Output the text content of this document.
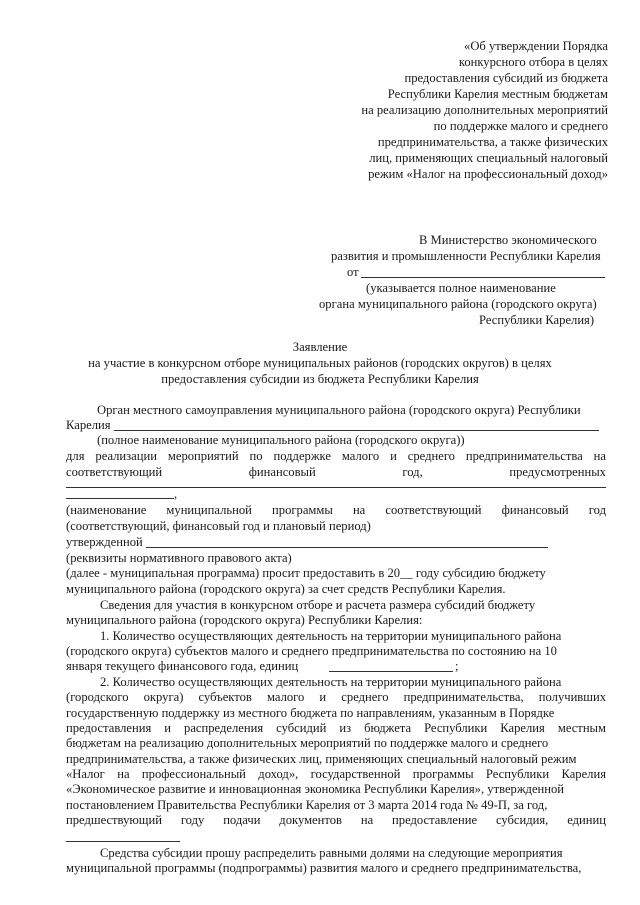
«Об утверждении Порядка
конкурсного отбора в целях
предоставления субсидий из бюджета
Республики Карелия местным бюджетам
на реализацию дополнительных мероприятий
по поддержке малого и среднего
предпринимательства, а также физических
лиц, применяющих специальный налоговый
режим «Налог на профессиональный доход»
В Министерство экономического
развития и промышленности Республики Карелия
от
(указывается полное наименование
органа муниципального района (городского округа)
Республики Карелия)
Заявление
на участие в конкурсном отборе муниципальных районов (городских округов) в целях
предоставления субсидии из бюджета Республики Карелия
Орган местного самоуправления муниципального района (городского округа) Республики
Карелия
(полное наименование муниципального района (городского округа))
для реализации мероприятий по поддержке малого и среднего предпринимательства на
соответствующий	финансовый	год,	предусмотренных
,
(наименование муниципальной программы на соответствующий финансовый год
(соответствующий, финансовый год и плановый период)
утвержденной
(реквизиты нормативного правового акта)
(далее - муниципальная программа) просит предоставить в 20__ году субсидию бюджету
муниципального района (городского округа) за счет средств Республики Карелия.
Сведения для участия в конкурсном отборе и расчета размера субсидий бюджету
муниципального района (городского округа) Республики Карелия:
1. Количество осуществляющих деятельность на территории муниципального района
(городского округа) субъектов малого и среднего предпринимательства по состоянию на 10
января текущего финансового года, единиц	;
2. Количество осуществляющих деятельность на территории муниципального района
(городского округа) субъектов малого и среднего предпринимательства, получивших
государственную поддержку из местного бюджета по направлениям, указанным в Порядке
предоставления и распределения субсидий из бюджета Республики Карелия местным
бюджетам на реализацию дополнительных мероприятий по поддержке малого и среднего
предпринимательства, а также физических лиц, применяющих специальный налоговый режим
«Налог на профессиональный доход», государственной программы Республики Карелия
«Экономическое развитие и инновационная экономика Республики Карелия», утвержденной
постановлением Правительства Республики Карелия от 3 марта 2014 года № 49-П, за год,
предшествующий году подачи документов на предоставление субсидия, единиц
Средства субсидии прошу распределить равными долями на следующие мероприятия
муниципальной программы (подпрограммы) развития малого и среднего предпринимательства,
